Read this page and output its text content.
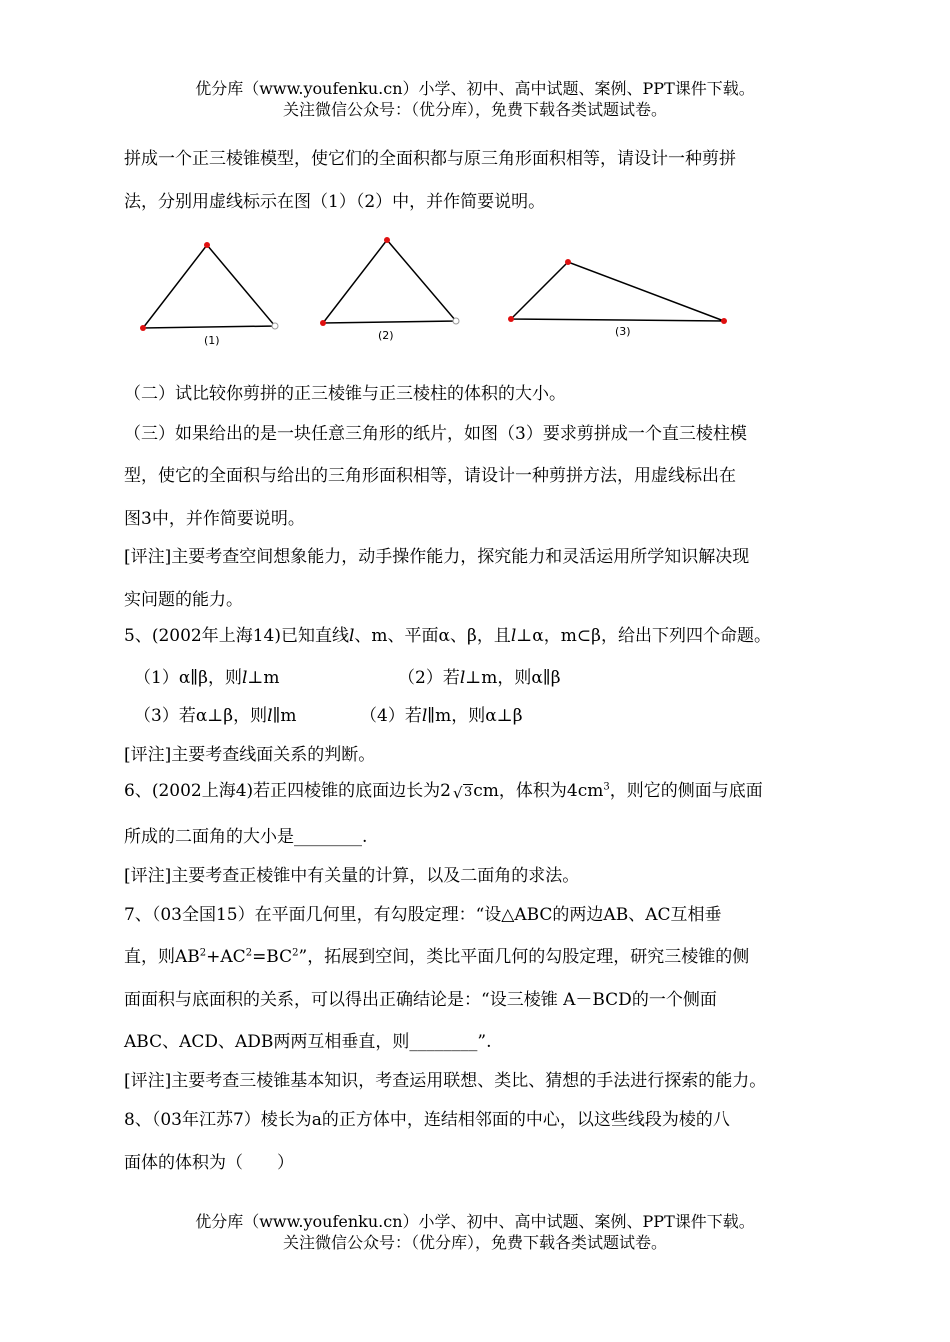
优分库（www.youfenku.cn）小学、初中、高中试题、案例、PPT课件下载。
关注微信公众号：（优分库），免费下载各类试题试卷。
拼成一个正三棱锥模型，使它们的全面积都与原三角形面积相等，请设计一种剪拼
法，分别用虚线标示在图（1）（2）中，并作简要说明。
(1)	(2)	(3)
（二）试比较你剪拼的正三棱锥与正三棱柱的体积的大小。
（三）如果给出的是一块任意三角形的纸片，如图（3）要求剪拼成一个直三棱柱模
型，使它的全面积与给出的三角形面积相等，请设计一种剪拼方法，用虚线标出在
图3中，并作简要说明。
[评注]主要考查空间想象能力，动手操作能力，探究能力和灵活运用所学知识解决现
实问题的能力。
5、(2002年上海14)已知直线l、m、平面α、β，且l⊥α，m⊂β，给出下列四个命题。
（1）α∥β，则l⊥m	（2）若l⊥m，则α∥β
（3）若α⊥β，则l∥m	（4）若l∥m，则α⊥β
[评注]主要考查线面关系的判断。
6、(2002上海4)若正四棱锥的底面边长为2 √ 3cm，体积为$4cm^3$，则它的侧面与底面
所成的二面角的大小是________.
[评注]主要考查正棱锥中有关量的计算，以及二面角的求法。
7、（03全国15）在平面几何里，有勾股定理：“设△ABC的两边AB、AC互相垂
直，则$AB^2+AC^2=BC^2$”，拓展到空间，类比平面几何的勾股定理，研究三棱锥的侧
面面积与底面积的关系，可以得出正确结论是：“设三棱锥 A－BCD的一个侧面
ABC、ACD、ADB两两互相垂直，则________”.
[评注]主要考查三棱锥基本知识，考查运用联想、类比、猜想的手法进行探索的能力。
8、（03年江苏7）棱长为a的正方体中，连结相邻面的中心，以这些线段为棱的八
面体的体积为（　　）
优分库（www.youfenku.cn）小学、初中、高中试题、案例、PPT课件下载。
关注微信公众号：（优分库），免费下载各类试题试卷。
